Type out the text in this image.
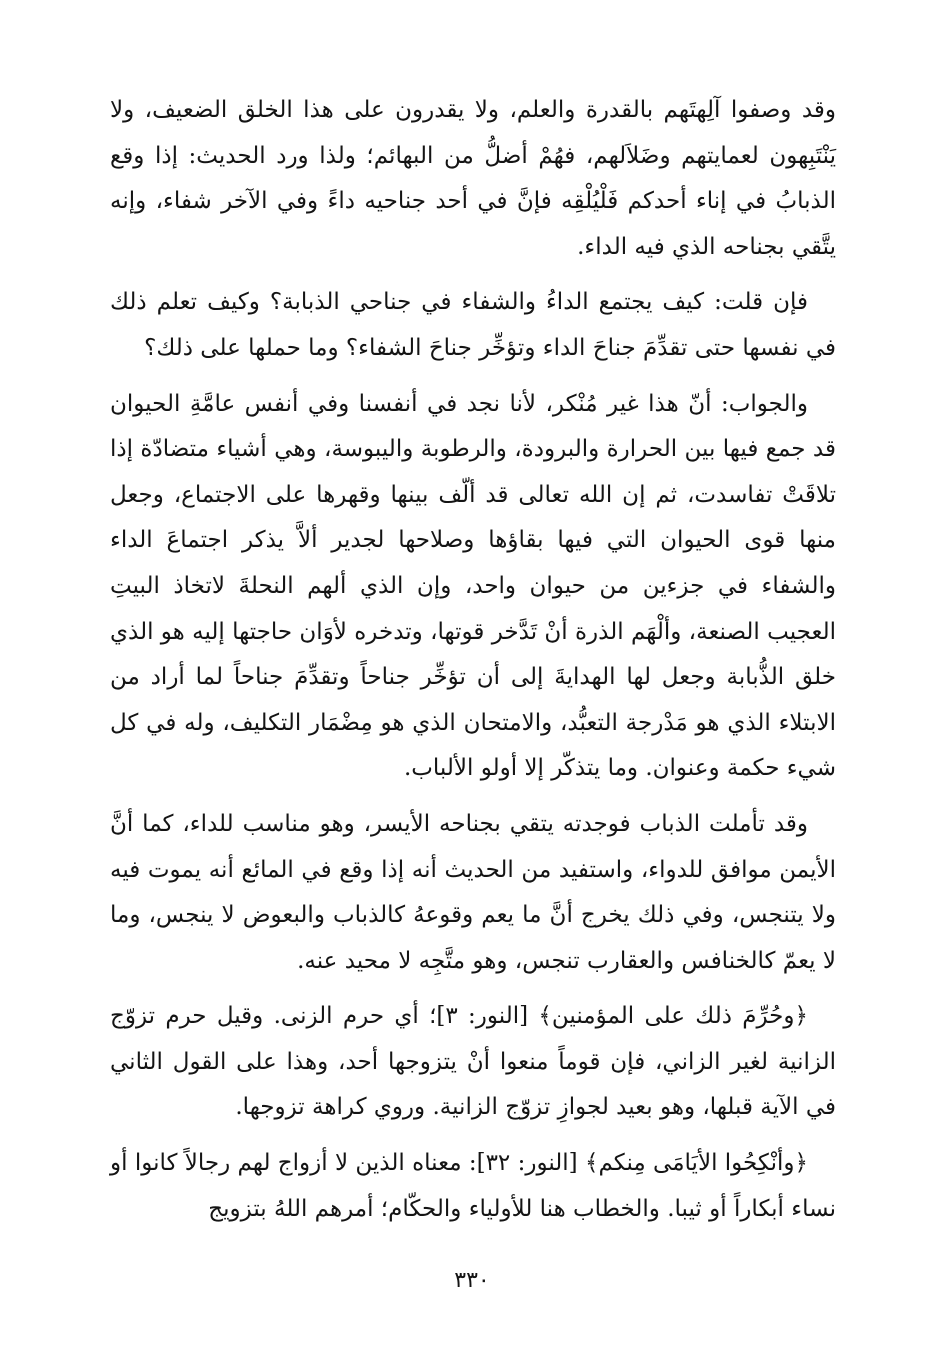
وقد وصفوا آلِهتَهم بالقدرة والعلم، ولا يقدرون على هذا الخلق الضعيف، ولا يَنْتَبِهون لعمايتهم وضَلاَلهم، فهُمْ أضلُّ من البهائم؛ ولذا ورد الحديث: إذا وقع الذبابُ في إناء أحدكم فَلْيُلْقِه فإنَّ في أحد جناحيه داءً وفي الآخر شفاء، وإنه يتَّقي بجناحه الذي فيه الداء.

فإن قلت: كيف يجتمع الداءُ والشفاء في جناحي الذبابة؟ وكيف تعلم ذلك في نفسها حتى تقدِّمَ جناحَ الداء وتؤخِّر جناحَ الشفاء؟ وما حملها على ذلك؟

والجواب: أنّ هذا غير مُنْكر، لأنا نجد في أنفسنا وفي أنفس عامَّةِ الحيوان قد جمع فيها بين الحرارة والبرودة، والرطوبة واليبوسة، وهي أشياء متضادّة إذا تلاقَتْ تفاسدت، ثم إن الله تعالى قد ألّف بينها وقهرها على الاجتماع، وجعل منها قوى الحيوان التي فيها بقاؤها وصلاحها لجدير ألاَّ يذكر اجتماعَ الداء والشفاء في جزءين من حيوان واحد، وإن الذي ألهم النحلةَ لاتخاذ البيتِ العجيب الصنعة، وألْهَم الذرة أنْ تَدَّخر قوتها، وتدخره لأوَان حاجتها إليه هو الذي خلق الذُّبابة وجعل لها الهدايةَ إلى أن تؤخِّر جناحاً وتقدِّمَ جناحاً لما أراد من الابتلاء الذي هو مَدْرجة التعبُّد، والامتحان الذي هو مِضْمَار التكليف، وله في كل شيء حكمة وعنوان. وما يتذكّر إلا أولو الألباب.

وقد تأملت الذباب فوجدته يتقي بجناحه الأيسر، وهو مناسب للداء، كما أنَّ الأيمن موافق للدواء، واستفيد من الحديث أنه إذا وقع في المائع أنه يموت فيه ولا يتنجس، وفي ذلك يخرج أنَّ ما يعم وقوعهُ كالذباب والبعوض لا ينجس، وما لا يعمّ كالخنافس والعقارب تنجس، وهو متَّجِه لا محيد عنه.

﴿وحُرِّمَ ذلك على المؤمنين﴾ [النور: ٣]؛ أي حرم الزنى. وقيل حرم تزوّج الزانية لغير الزاني، فإن قوماً منعوا أنْ يتزوجها أحد، وهذا على القول الثاني في الآية قبلها، وهو بعيد لجوازِ تزوّج الزانية. وروي كراهة تزوجها.

﴿وأنْكِحُوا الأيَامَى مِنكم﴾ [النور: ٣٢]: معناه الذين لا أزواج لهم رجالاً كانوا أو نساء أبكاراً أو ثيبا. والخطاب هنا للأولياء والحكّام؛ أمرهم اللهُ بتزويج

٣٣٠
